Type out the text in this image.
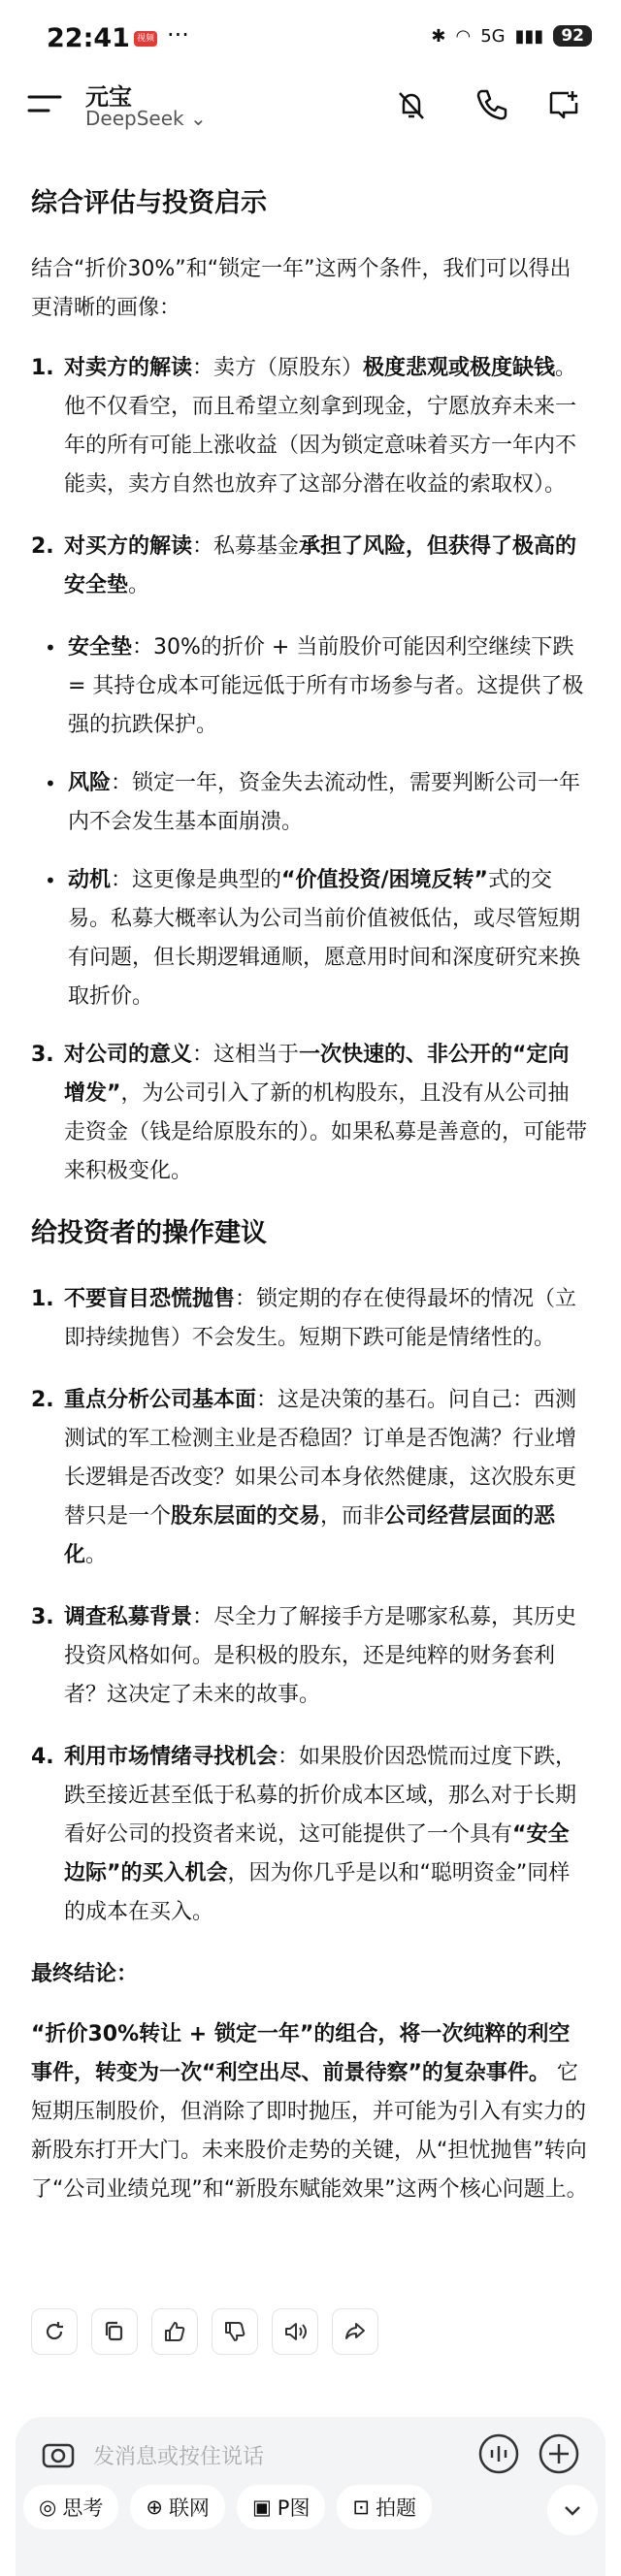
22:41 视频 ···	✱ ◠ 5G ▮▮▮	92
元宝
DeepSeek ⌄
综合评估与投资启示

结合“折价30%”和“锁定一年”这两个条件，我们可以得出更清晰的画像：

1. 对卖方的解读：卖方（原股东）极度悲观或极度缺钱。他不仅看空，而且希望立刻拿到现金，宁愿放弃未来一年的所有可能上涨收益（因为锁定意味着买方一年内不能卖，卖方自然也放弃了这部分潜在收益的索取权）。
2. 对买方的解读：私募基金承担了风险，但获得了极高的安全垫。
• 安全垫：30%的折价 + 当前股价可能因利空继续下跌 = 其持仓成本可能远低于所有市场参与者。这提供了极强的抗跌保护。
• 风险：锁定一年，资金失去流动性，需要判断公司一年内不会发生基本面崩溃。
• 动机：这更像是典型的“价值投资/困境反转”式的交易。私募大概率认为公司当前价值被低估，或尽管短期有问题，但长期逻辑通顺，愿意用时间和深度研究来换取折价。
3. 对公司的意义：这相当于一次快速的、非公开的“定向增发”，为公司引入了新的机构股东，且没有从公司抽走资金（钱是给原股东的）。如果私募是善意的，可能带来积极变化。
给投资者的操作建议
1. 不要盲目恐慌抛售：锁定期的存在使得最坏的情况（立即持续抛售）不会发生。短期下跌可能是情绪性的。
2. 重点分析公司基本面：这是决策的基石。问自己：西测测试的军工检测主业是否稳固？订单是否饱满？行业增长逻辑是否改变？如果公司本身依然健康，这次股东更替只是一个股东层面的交易，而非公司经营层面的恶化。
3. 调查私募背景：尽全力了解接手方是哪家私募，其历史投资风格如何。是积极的股东，还是纯粹的财务套利者？这决定了未来的故事。
4. 利用市场情绪寻找机会：如果股价因恐慌而过度下跌，跌至接近甚至低于私募的折价成本区域，那么对于长期看好公司的投资者来说，这可能提供了一个具有“安全边际”的买入机会，因为你几乎是以和“聪明资金”同样的成本在买入。

最终结论：

“折价30%转让 + 锁定一年”的组合，将一次纯粹的利空事件，转变为一次“利空出尽、前景待察”的复杂事件。 它短期压制股价，但消除了即时抛压，并可能为引入有实力的新股东打开大门。未来股价走势的关键，从“担忧抛售”转向了“公司业绩兑现”和“新股东赋能效果”这两个核心问题上。

发消息或按住说话
◎ 思考 ⊕ 联网 ▣ P图 ⊡ 拍题
